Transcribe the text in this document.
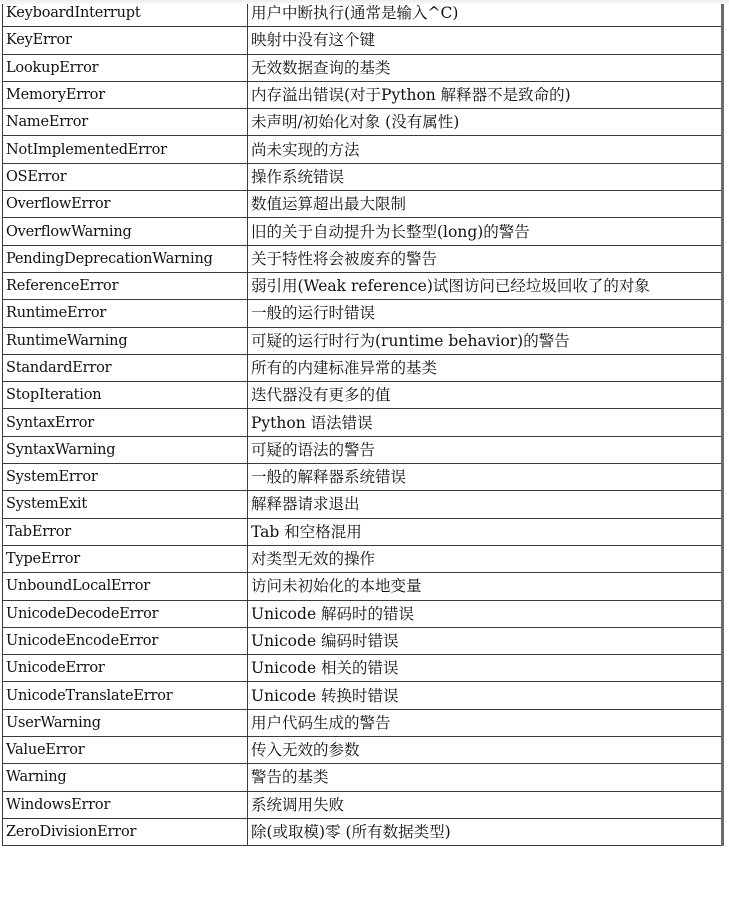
KeyboardInterrupt	用户中断执行(通常是输入^C)
KeyError	映射中没有这个键
LookupError	无效数据查询的基类
MemoryError	内存溢出错误(对于Python 解释器不是致命的)
NameError	未声明/初始化对象 (没有属性)
NotImplementedError	尚未实现的方法
OSError	操作系统错误
OverflowError	数值运算超出最大限制
OverflowWarning	旧的关于自动提升为长整型(long)的警告
PendingDeprecationWarning	关于特性将会被废弃的警告
ReferenceError	弱引用(Weak reference)试图访问已经垃圾回收了的对象
RuntimeError	一般的运行时错误
RuntimeWarning	可疑的运行时行为(runtime behavior)的警告
StandardError	所有的内建标准异常的基类
StopIteration	迭代器没有更多的值
SyntaxError	Python 语法错误
SyntaxWarning	可疑的语法的警告
SystemError	一般的解释器系统错误
SystemExit	解释器请求退出
TabError	Tab 和空格混用
TypeError	对类型无效的操作
UnboundLocalError	访问未初始化的本地变量
UnicodeDecodeError	Unicode 解码时的错误
UnicodeEncodeError	Unicode 编码时错误
UnicodeError	Unicode 相关的错误
UnicodeTranslateError	Unicode 转换时错误
UserWarning	用户代码生成的警告
ValueError	传入无效的参数
Warning	警告的基类
WindowsError	系统调用失败
ZeroDivisionError	除(或取模)零 (所有数据类型)
